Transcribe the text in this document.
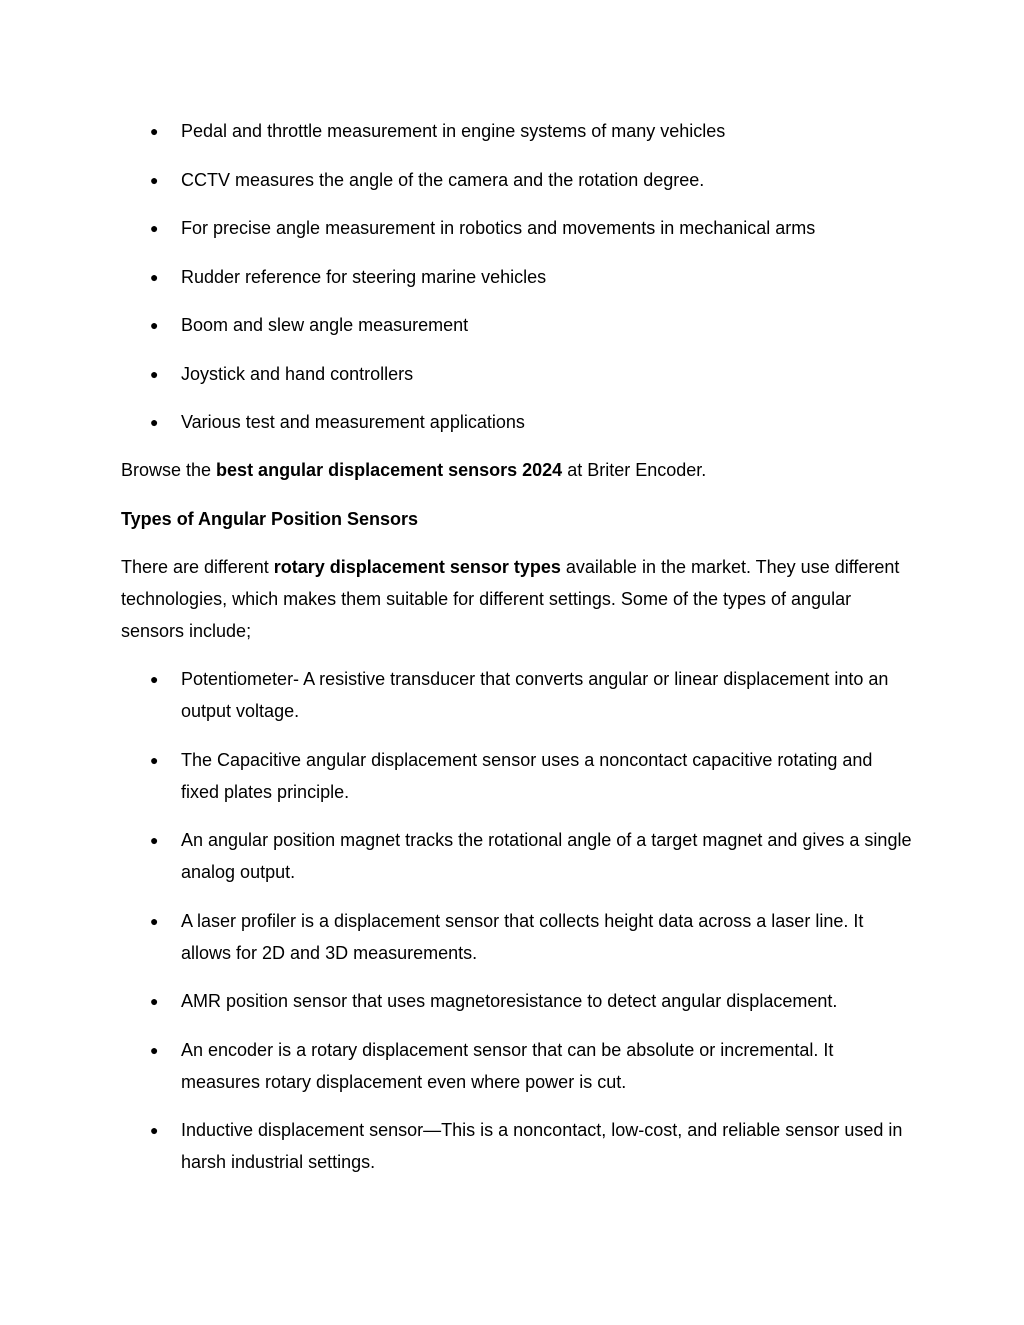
● Pedal and throttle measurement in engine systems of many vehicles
● CCTV measures the angle of the camera and the rotation degree.
● For precise angle measurement in robotics and movements in mechanical arms
● Rudder reference for steering marine vehicles
● Boom and slew angle measurement
● Joystick and hand controllers
● Various test and measurement applications

Browse the best angular displacement sensors 2024 at Briter Encoder.

Types of Angular Position Sensors

There are different rotary displacement sensor types available in the market. They use different technologies, which makes them suitable for different settings. Some of the types of angular sensors include;

● Potentiometer- A resistive transducer that converts angular or linear displacement into an output voltage.
● The Capacitive angular displacement sensor uses a noncontact capacitive rotating and fixed plates principle.
● An angular position magnet tracks the rotational angle of a target magnet and gives a single analog output.
● A laser profiler is a displacement sensor that collects height data across a laser line. It allows for 2D and 3D measurements.
● AMR position sensor that uses magnetoresistance to detect angular displacement.
● An encoder is a rotary displacement sensor that can be absolute or incremental. It measures rotary displacement even where power is cut.
● Inductive displacement sensor—This is a noncontact, low-cost, and reliable sensor used in harsh industrial settings.
